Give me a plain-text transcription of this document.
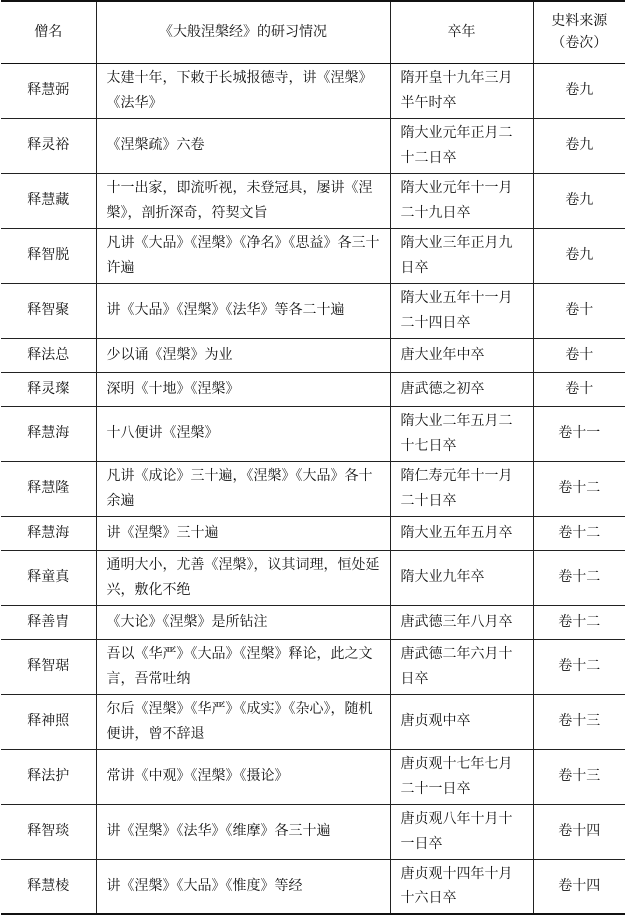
僧名	《大般涅槃经》的研习情况	卒年	史料来源
（卷次）
释慧弼	太建十年，下敕于长城报德寺，讲《涅槃》《法华》	隋开皇十九年三月半午时卒	卷九
释灵裕	《涅槃疏》六卷	隋大业元年正月二十二日卒	卷九
释慧藏	十一出家，即流听视，未登冠具，屡讲《涅槃》，剖折深奇，符契文旨	隋大业元年十一月二十九日卒	卷九
释智脱	凡讲《大品》《涅槃》《净名》《思益》各三十许遍	隋大业三年正月九日卒	卷九
释智聚	讲《大品》《涅槃》《法华》等各二十遍	隋大业五年十一月二十四日卒	卷十
释法总	少以诵《涅槃》为业	唐大业年中卒	卷十
释灵璨	深明《十地》《涅槃》	唐武德之初卒	卷十
释慧海	十八便讲《涅槃》	隋大业二年五月二十七日卒	卷十一
释慧隆	凡讲《成论》三十遍，《涅槃》《大品》各十余遍	隋仁寿元年十一月二十日卒	卷十二
释慧海	讲《涅槃》三十遍	隋大业五年五月卒	卷十二
释童真	通明大小，尤善《涅槃》，议其词理，恒处延兴，敷化不绝	隋大业九年卒	卷十二
释善胄	《大论》《涅槃》是所钻注	唐武德三年八月卒	卷十二
释智琚	吾以《华严》《大品》《涅槃》释论，此之文言，吾常吐纳	唐武德二年六月十日卒	卷十二
释神照	尔后《涅槃》《华严》《成实》《杂心》，随机便讲，曾不辞退	唐贞观中卒	卷十三
释法护	常讲《中观》《涅槃》《摄论》	唐贞观十七年七月二十一日卒	卷十三
释智琰	讲《涅槃》《法华》《维摩》各三十遍	唐贞观八年十月十一日卒	卷十四
释慧棱	讲《涅槃》《大品》《惟度》等经	唐贞观十四年十月十六日卒	卷十四
